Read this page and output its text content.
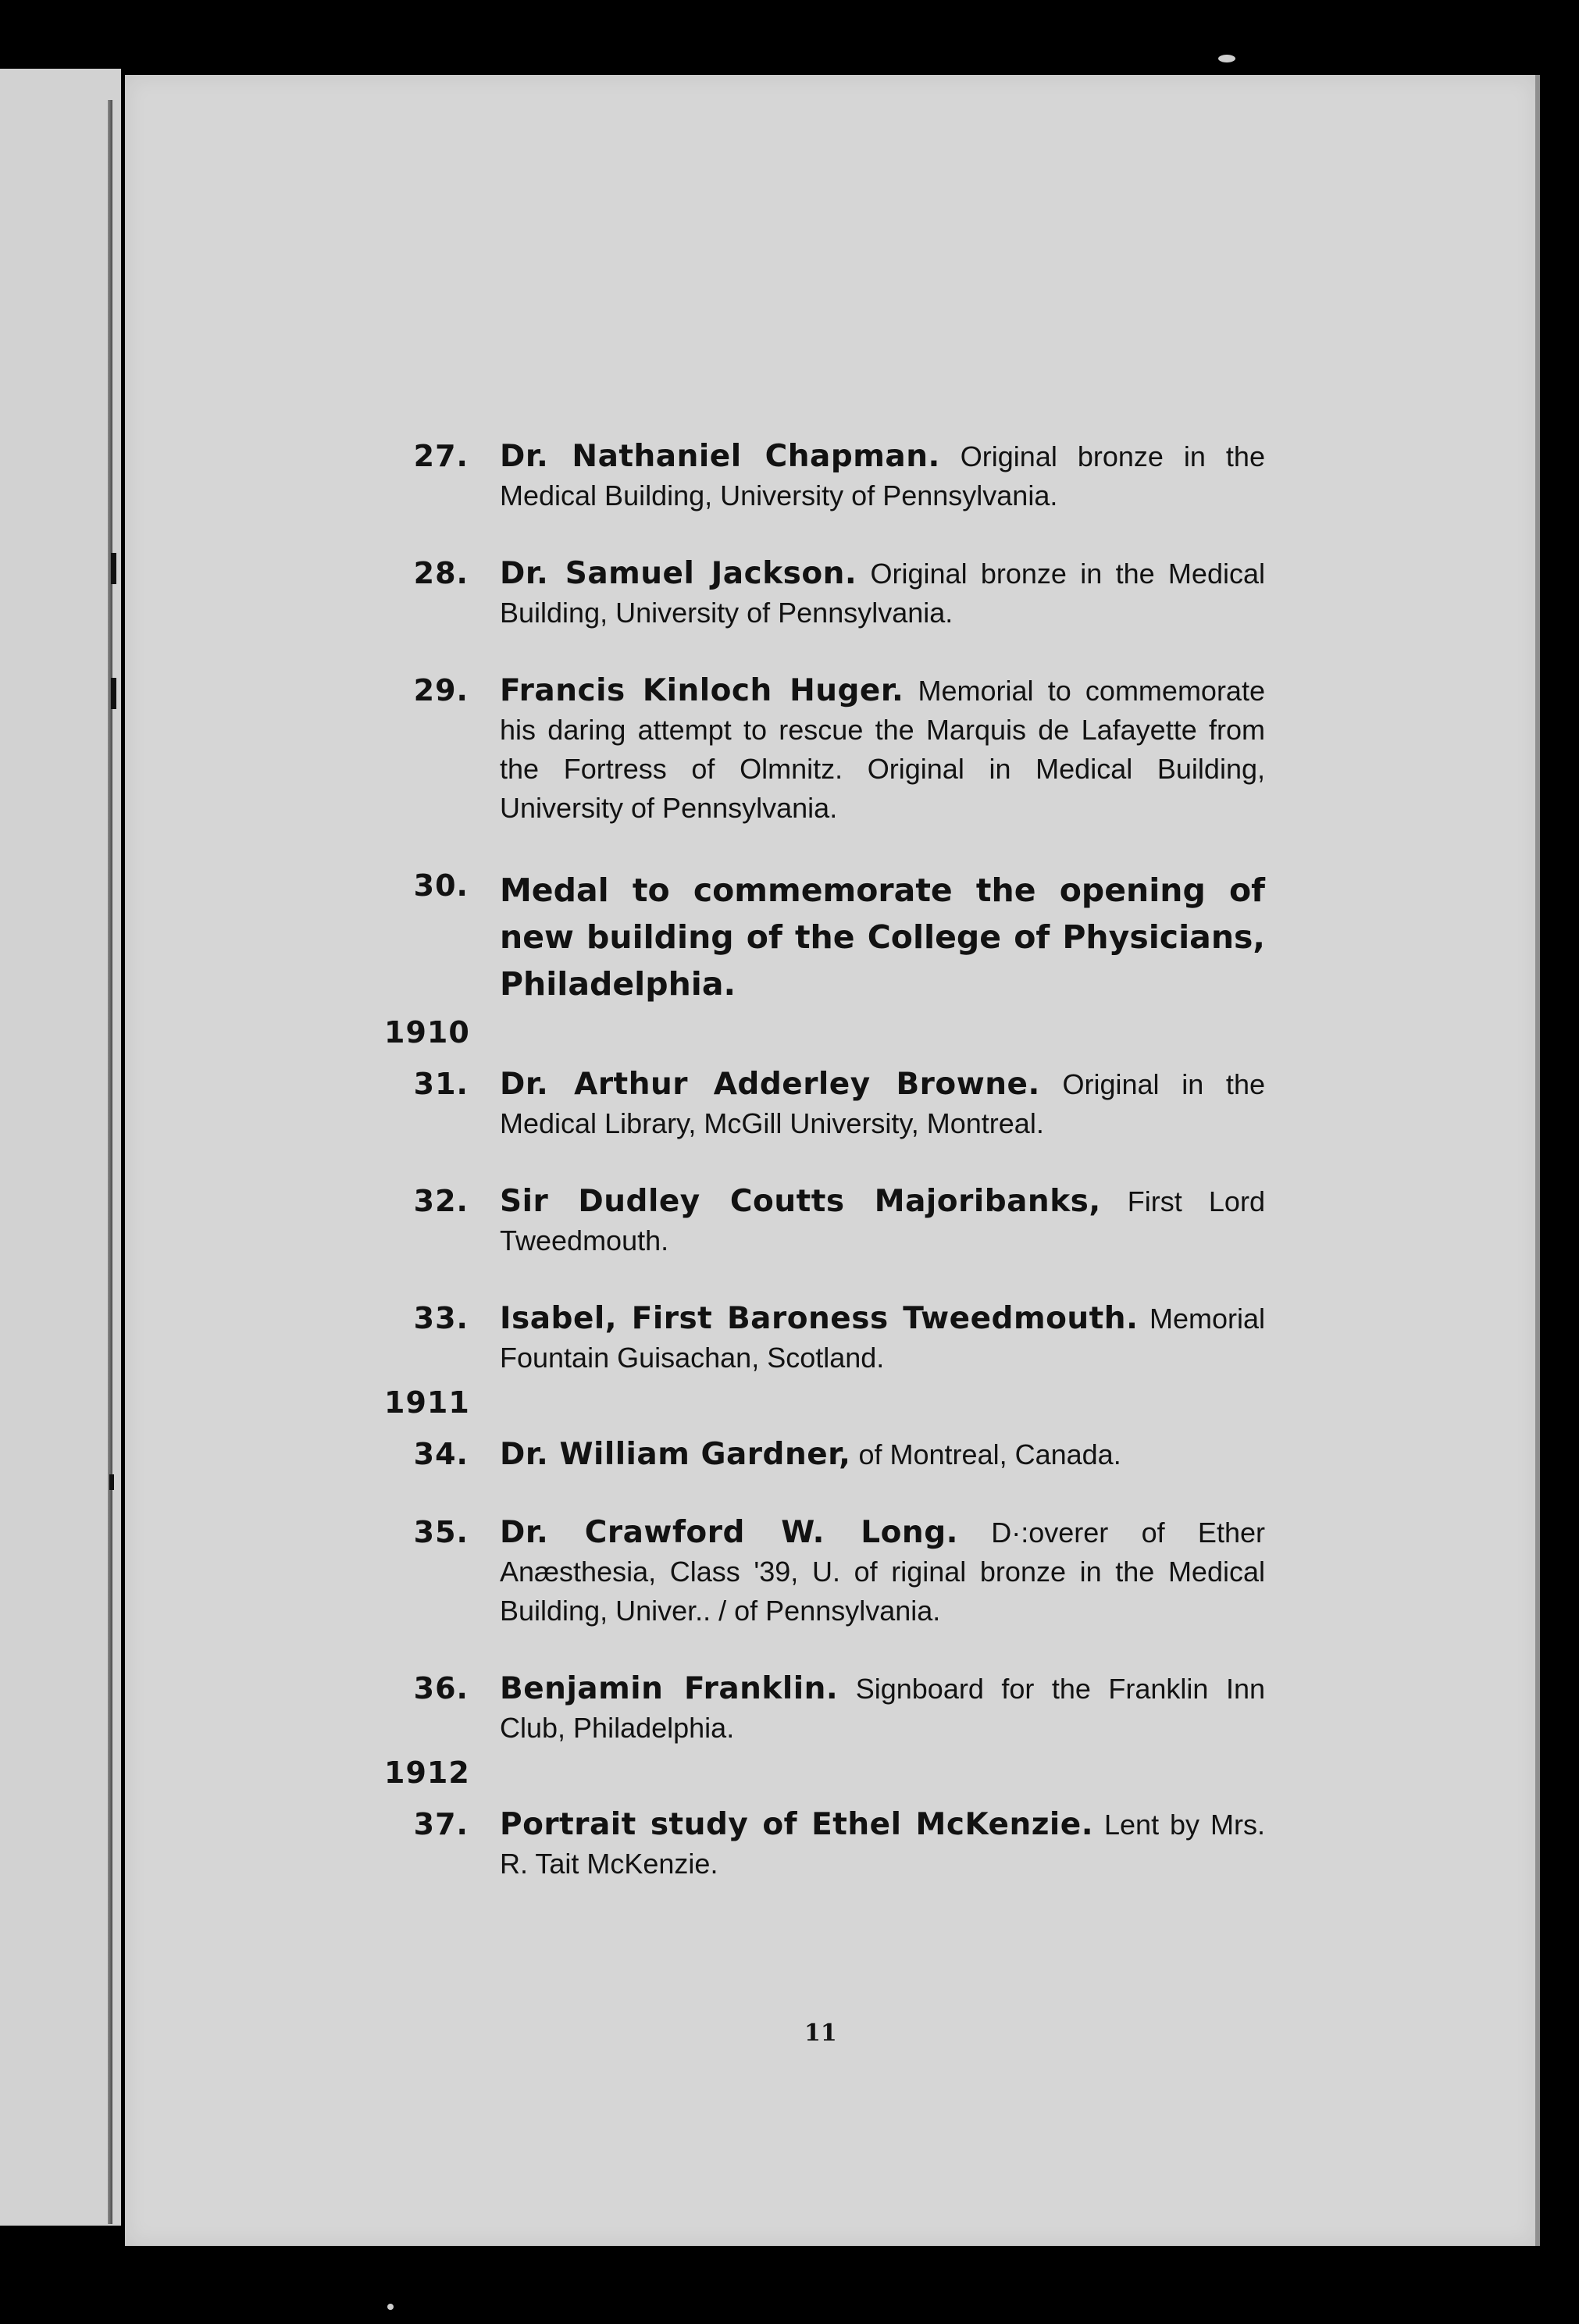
27. Dr. Nathaniel Chapman. Original bronze in the Medical Building, University of Pennsylvania.
28. Dr. Samuel Jackson. Original bronze in the Medical Building, University of Pennsylvania.
29. Francis Kinloch Huger. Memorial to commemorate his daring attempt to rescue the Marquis de Lafayette from the Fortress of Olmnitz. Original in Medical Building, University of Pennsylvania.
30. Medal to commemorate the opening of new building of the College of Physicians, Philadelphia.
1910
31. Dr. Arthur Adderley Browne. Original in the Medical Library, McGill University, Montreal.
32. Sir Dudley Coutts Majoribanks, First Lord Tweedmouth.
33. Isabel, First Baroness Tweedmouth. Memorial Fountain Guisachan, Scotland.
1911
34. Dr. William Gardner, of Montreal, Canada.
35. Dr. Crawford W. Long. D·:overer of Ether Anæsthesia, Class '39, U. of riginal bronze in the Medical Building, Univer.. / of Pennsylvania.
36. Benjamin Franklin. Signboard for the Franklin Inn Club, Philadelphia.
1912
37. Portrait study of Ethel McKenzie. Lent by Mrs. R. Tait McKenzie.
11
